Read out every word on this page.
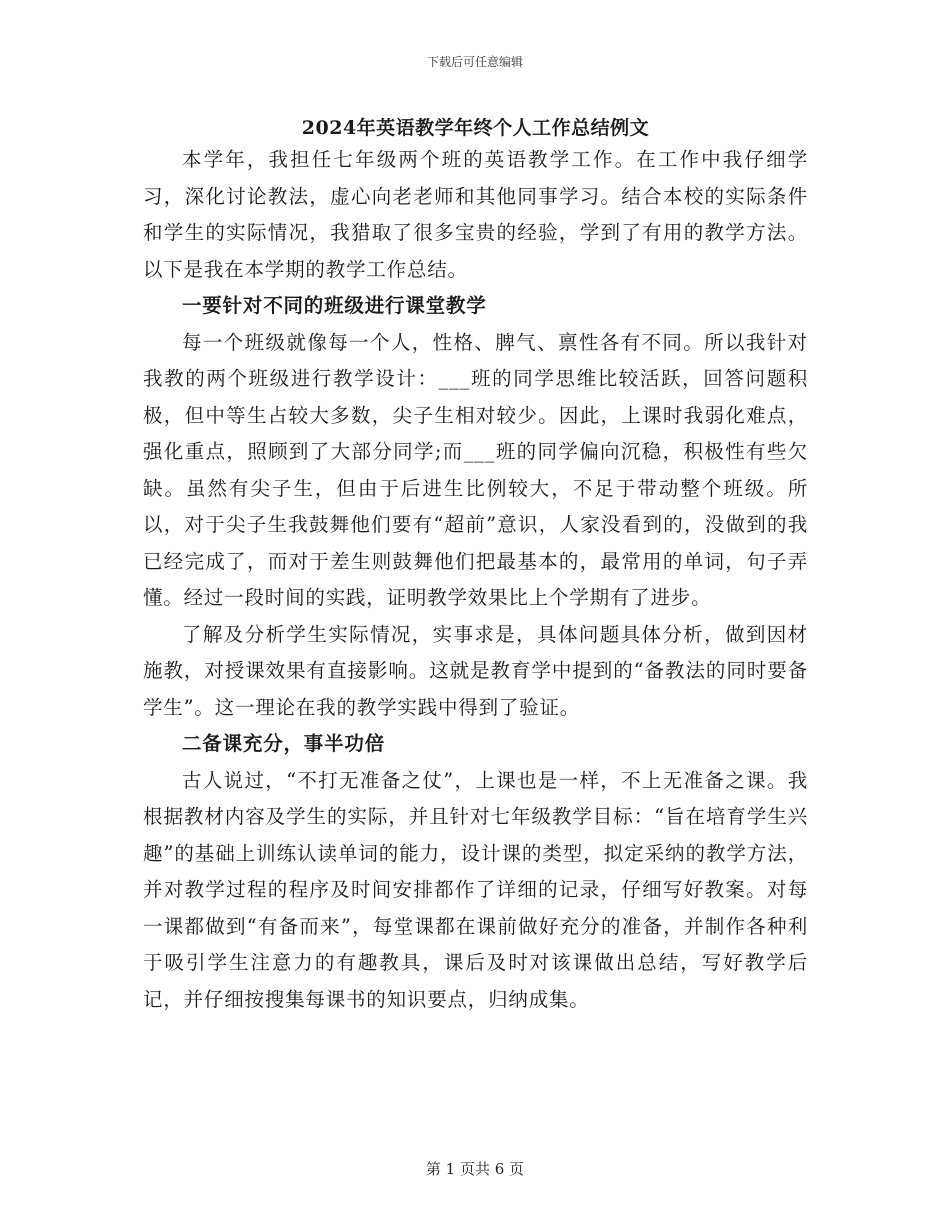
下载后可任意编辑
2024年英语教学年终个人工作总结例文

本学年，我担任七年级两个班的英语教学工作。在工作中我仔细学习，深化讨论教法，虚心向老老师和其他同事学习。结合本校的实际条件和学生的实际情况，我猎取了很多宝贵的经验，学到了有用的教学方法。以下是我在本学期的教学工作总结。

一要针对不同的班级进行课堂教学

每一个班级就像每一个人，性格、脾气、禀性各有不同。所以我针对我教的两个班级进行教学设计：___班的同学思维比较活跃，回答问题积极，但中等生占较大多数，尖子生相对较少。因此，上课时我弱化难点，强化重点，照顾到了大部分同学;而___班的同学偏向沉稳，积极性有些欠缺。虽然有尖子生，但由于后进生比例较大，不足于带动整个班级。所以，对于尖子生我鼓舞他们要有“超前”意识，人家没看到的，没做到的我已经完成了，而对于差生则鼓舞他们把最基本的，最常用的单词，句子弄懂。经过一段时间的实践，证明教学效果比上个学期有了进步。

了解及分析学生实际情况，实事求是，具体问题具体分析，做到因材施教，对授课效果有直接影响。这就是教育学中提到的“备教法的同时要备学生”。这一理论在我的教学实践中得到了验证。

二备课充分，事半功倍

古人说过，“不打无准备之仗”，上课也是一样，不上无准备之课。我根据教材内容及学生的实际，并且针对七年级教学目标：“旨在培育学生兴趣”的基础上训练认读单词的能力，设计课的类型，拟定采纳的教学方法，并对教学过程的程序及时间安排都作了详细的记录，仔细写好教案。对每一课都做到“有备而来”，每堂课都在课前做好充分的准备，并制作各种利于吸引学生注意力的有趣教具，课后及时对该课做出总结，写好教学后记，并仔细按搜集每课书的知识要点，归纳成集。

第 1 页共 6 页
